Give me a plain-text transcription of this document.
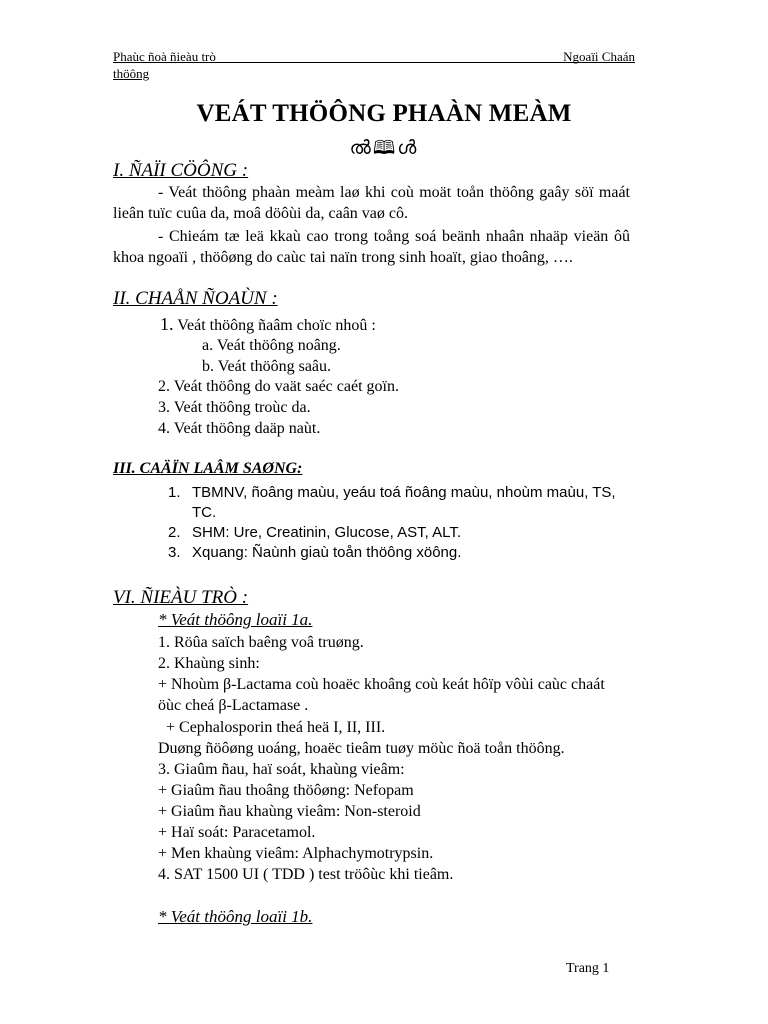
Phaùc ñoà ñieàu trò	Ngoaïi Chaán
thöông
VEÁT THÖÔNG PHAÀN MEÀM
ൽ🕮ൾ
I. ÑAÏI CÖÔNG :
- Veát thöông phaàn meàm laø khi coù moät toån thöông gaây söï maát lieân tuïc cuûa da, moâ döôùi da, caân vaø cô.
- Chieám tæ leä kkaù cao trong toång soá beänh nhaân nhaäp vieän ôû khoa ngoaïi , thöôøng do caùc tai naïn trong sinh hoaït, giao thoâng, ….
II. CHAÅN ÑOAÙN :
1. Veát thöông ñaâm choïc nhoû :
a. Veát thöông noâng.
b. Veát thöông saâu.
2. Veát thöông do vaät saéc caét goïn.
3. Veát thöông troùc da.
4. Veát thöông daäp naùt.
III. CAÄÏN LAÂM SAØNG:
1. TBMNV, ñoâng maùu, yeáu toá ñoâng maùu, nhoùm maùu, TS,
TC.
2. SHM: Ure, Creatinin, Glucose, AST, ALT.
3. Xquang: Ñaùnh giaù toån thöông xöông.
VI. ÑIEÀU TRÒ :
* Veát thöông loaïi 1a.
1. Röûa saïch baêng voâ truøng.
2. Khaùng sinh:
+ Nhoùm β-Lactama coù hoaëc khoâng coù keát hôïp vôùi caùc chaát
öùc cheá β-Lactamase .
+ Cephalosporin theá heä I, II, III.
Duøng ñöôøng uoáng, hoaëc tieâm tuøy möùc ñoä toån thöông.
3. Giaûm ñau, haï soát, khaùng vieâm:
+ Giaûm ñau thoâng thöôøng: Nefopam
+ Giaûm ñau khaùng vieâm: Non-steroid
+ Haï soát: Paracetamol.
+ Men khaùng vieâm: Alphachymotrypsin.
4. SAT 1500 UI ( TDD ) test tröôùc khi tieâm.
* Veát thöông loaïi 1b.
Trang 1
